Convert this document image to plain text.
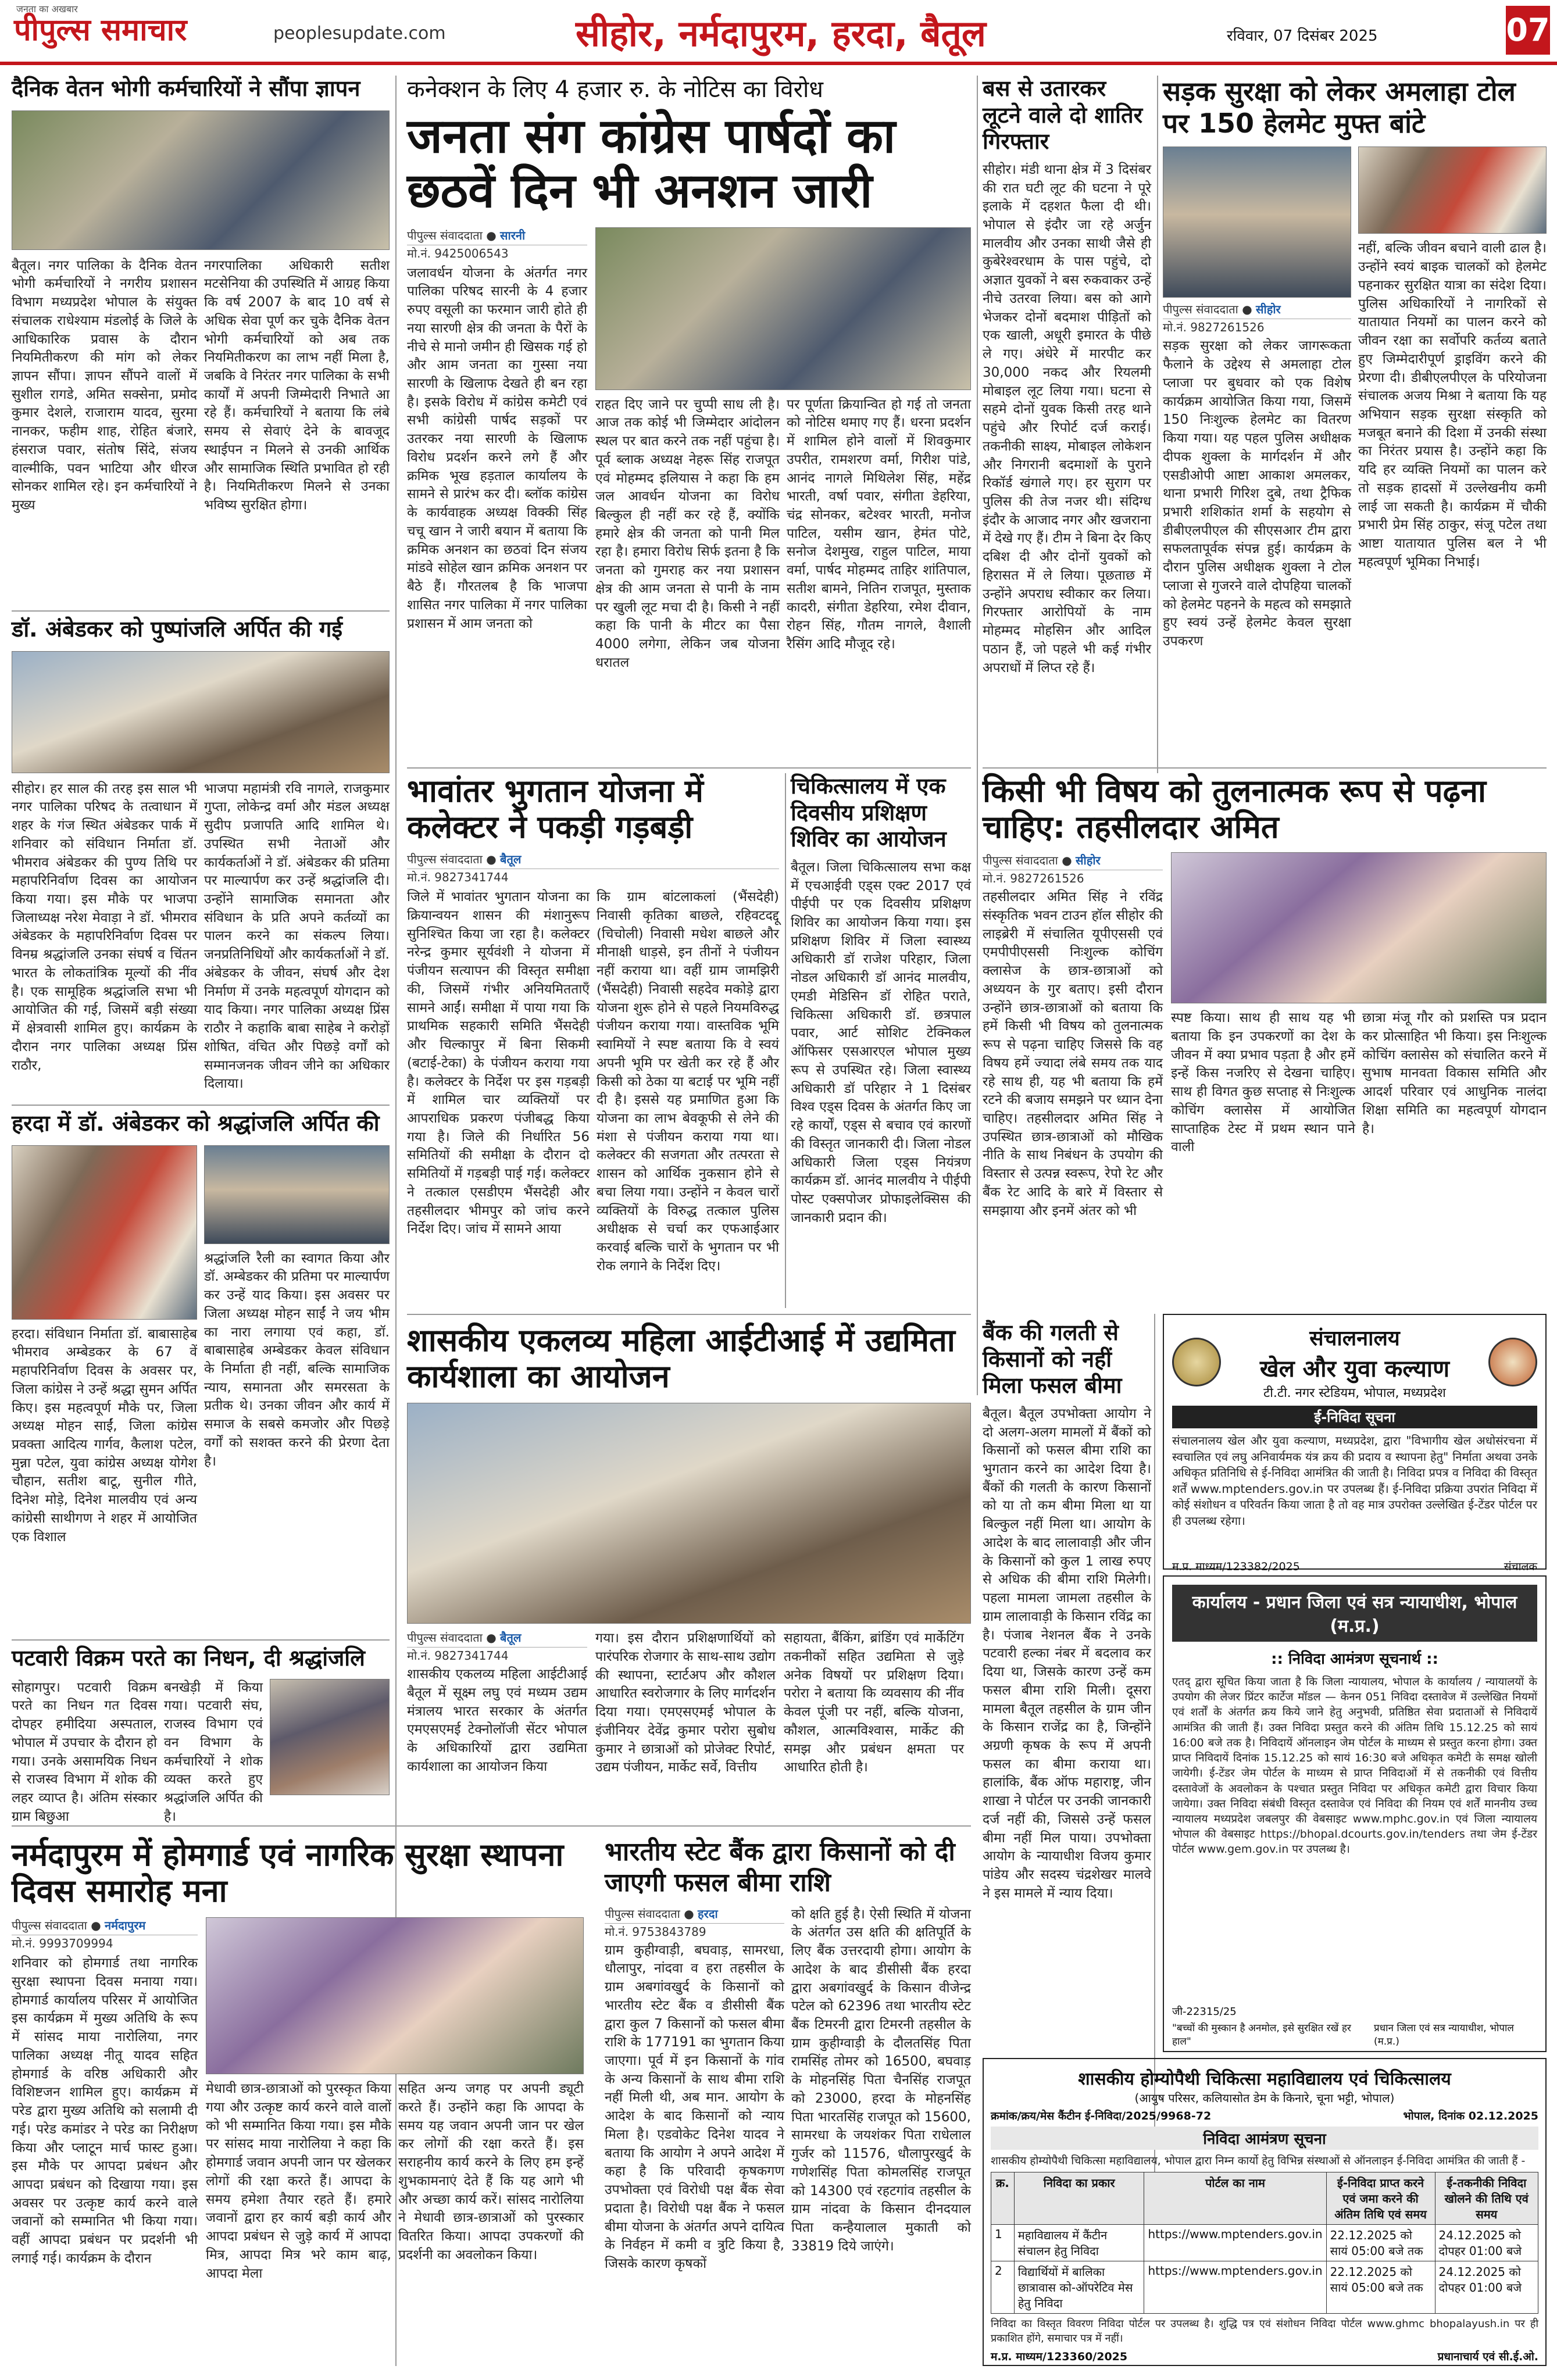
जनता का अखबार
पीपुल्स समाचार	peoplesupdate.com	सीहोर, नर्मदापुरम, हरदा, बैतूल	रविवार, 07 दिसंबर 2025	07
दैनिक वेतन भोगी कर्मचारियों ने सौंपा ज्ञापन
बैतूल। नगर पालिका के दैनिक वेतन भोगी कर्मचारियों ने नगरीय प्रशासन विभाग मध्यप्रदेश भोपाल के संयुक्त संचालक राधेश्याम मंडलोई के जिले के आधिकारिक प्रवास के दौरान नियमितीकरण की मांग को लेकर ज्ञापन सौंपा। ज्ञापन सौंपने वालों में सुशील रागडे, अमित सक्सेना, प्रमोद कुमार देशले, राजाराम यादव, सुरमा नानकर, फहीम शाह, रोहित बंजारे, हंसराज पवार, संतोष सिंदे, संजय वाल्मीकि, पवन भाटिया और धीरज सोनकर शामिल रहे। इन कर्मचारियों ने मुख्य
नगरपालिका अधिकारी सतीश मटसेनिया की उपस्थिति में आग्रह किया कि वर्ष 2007 के बाद 10 वर्ष से अधिक सेवा पूर्ण कर चुके दैनिक वेतन भोगी कर्मचारियों को अब तक नियमितीकरण का लाभ नहीं मिला है, जबकि वे निरंतर नगर पालिका के सभी कार्यों में अपनी जिम्मेदारी निभाते आ रहे हैं। कर्मचारियों ने बताया कि लंबे समय से सेवाएं देने के बावजूद स्थाईपन न मिलने से उनकी आर्थिक और सामाजिक स्थिति प्रभावित हो रही है। नियमितीकरण मिलने से उनका भविष्य सुरक्षित होगा।
डॉ. अंबेडकर को पुष्पांजलि अर्पित की गई
सीहोर। हर साल की तरह इस साल भी नगर पालिका परिषद के तत्वाधान में शहर के गंज स्थित अंबेडकर पार्क में शनिवार को संविधान निर्माता डॉ. भीमराव अंबेडकर की पुण्य तिथि पर महापरिनिर्वाण दिवस का आयोजन किया गया। इस मौके पर भाजपा जिलाध्यक्ष नरेश मेवाड़ा ने डॉ. भीमराव अंबेडकर के महापरिनिर्वाण दिवस पर विनम्र श्रद्धांजलि उनका संघर्ष व चिंतन भारत के लोकतांत्रिक मूल्यों की नींव है। एक सामूहिक श्रद्धांजलि सभा भी आयोजित की गई, जिसमें बड़ी संख्या में क्षेत्रवासी शामिल हुए। कार्यक्रम के दौरान नगर पालिका अध्यक्ष प्रिंस राठौर,
भाजपा महामंत्री रवि नागले, राजकुमार गुप्ता, लोकेन्द्र वर्मा और मंडल अध्यक्ष सुदीप प्रजापति आदि शामिल थे। उपस्थित सभी नेताओं और कार्यकर्ताओं ने डॉ. अंबेडकर की प्रतिमा पर माल्यार्पण कर उन्हें श्रद्धांजलि दी। उन्होंने सामाजिक समानता और संविधान के प्रति अपने कर्तव्यों का पालन करने का संकल्प लिया। जनप्रतिनिधियों और कार्यकर्ताओं ने डॉ. अंबेडकर के जीवन, संघर्ष और देश निर्माण में उनके महत्वपूर्ण योगदान को याद किया। नगर पालिका अध्यक्ष प्रिंस राठौर ने कहाकि बाबा साहेब ने करोड़ों शोषित, वंचित और पिछड़े वर्गों को सम्मानजनक जीवन जीने का अधिकार दिलाया।
हरदा में डॉ. अंबेडकर को श्रद्धांजलि अर्पित की
हरदा। संविधान निर्माता डॉ. बाबासाहेब भीमराव अम्बेडकर के 67 वें महापरिनिर्वाण दिवस के अवसर पर, जिला कांग्रेस ने उन्हें श्रद्धा सुमन अर्पित किए। इस महत्वपूर्ण मौके पर, जिला अध्यक्ष मोहन साईं, जिला कांग्रेस प्रवक्ता आदित्य गार्गव, कैलाश पटेल, मुन्ना पटेल, युवा कांग्रेस अध्यक्ष योगेश चौहान, सतीश बाटू, सुनील गीते, दिनेश मोड़े, दिनेश मालवीय एवं अन्य कांग्रेसी साथीगण ने शहर में आयोजित एक विशाल
श्रद्धांजलि रैली का स्वागत किया और डॉ. अम्बेडकर की प्रतिमा पर माल्यार्पण कर उन्हें याद किया। इस अवसर पर जिला अध्यक्ष मोहन साईं ने जय भीम का नारा लगाया एवं कहा, डॉ. बाबासाहेब अम्बेडकर केवल संविधान के निर्माता ही नहीं, बल्कि सामाजिक न्याय, समानता और समरसता के प्रतीक थे। उनका जीवन और कार्य में समाज के सबसे कमजोर और पिछड़े वर्गों को सशक्त करने की प्रेरणा देता है।
पटवारी विक्रम परते का निधन, दी श्रद्धांजलि
सोहागपुर। पटवारी विक्रम परते का निधन गत दिवस दोपहर हमीदिया अस्पताल, भोपाल में उपचार के दौरान हो गया। उनके असामयिक निधन से राजस्व विभाग में शोक की लहर व्याप्त है। अंतिम संस्कार ग्राम बिछुआ
बनखेड़ी में किया गया। पटवारी संघ, राजस्व विभाग एवं वन विभाग के कर्मचारियों ने शोक व्यक्त करते हुए श्रद्धांजलि अर्पित की है।
नर्मदापुरम में होमगार्ड एवं नागरिक सुरक्षा स्थापना दिवस समारोह मना
पीपुल्स संवाददाता ● नर्मदापुरम
मो.नं. 9993709994
शनिवार को होमगार्ड तथा नागरिक सुरक्षा स्थापना दिवस मनाया गया। होमगार्ड कार्यालय परिसर में आयोजित इस कार्यक्रम में मुख्य अतिथि के रूप में सांसद माया नारोलिया, नगर पालिका अध्यक्ष नीतू यादव सहित होमगार्ड के वरिष्ठ अधिकारी और विशिष्टजन शामिल हुए। कार्यक्रम में परेड द्वारा मुख्य अतिथि को सलामी दी गई। परेड कमांडर ने परेड का निरीक्षण किया और प्लाटून मार्च फास्ट हुआ। इस मौके पर आपदा प्रबंधन और आपदा प्रबंधन को दिखाया गया। इस अवसर पर उत्कृष्ट कार्य करने वाले जवानों को सम्मानित भी किया गया। वहीं आपदा प्रबंधन पर प्रदर्शनी भी लगाई गई। कार्यक्रम के दौरान
मेधावी छात्र-छात्राओं को पुरस्कृत किया गया और उत्कृष्ट कार्य करने वाले वालों को भी सम्मानित किया गया। इस मौके पर सांसद माया नारोलिया ने कहा कि होमगार्ड जवान अपनी जान पर खेलकर लोगों की रक्षा करते हैं। आपदा के समय हमेशा तैयार रहते हैं। हमारे जवानों द्वारा हर कार्य बड़ी कार्य और आपदा प्रबंधन से जुड़े कार्य में आपदा मित्र, आपदा मित्र भरे काम बाढ़, आपदा मेला
सहित अन्य जगह पर अपनी ड्यूटी करते हैं। उन्होंने कहा कि आपदा के समय यह जवान अपनी जान पर खेल कर लोगों की रक्षा करते हैं। इस सराहनीय कार्य करने के लिए हम इन्हें शुभकामनाएं देते हैं कि यह आगे भी और अच्छा कार्य करें। सांसद नारोलिया ने मेधावी छात्र-छात्राओं को पुरस्कार वितरित किया। आपदा उपकरणों की प्रदर्शनी का अवलोकन किया।
कनेक्शन के लिए 4 हजार रु. के नोटिस का विरोध
जनता संग कांग्रेस पार्षदों का छठवें दिन भी अनशन जारी
पीपुल्स संवाददाता ● सारनी
मो.नं. 9425006543
जलावर्धन योजना के अंतर्गत नगर पालिका परिषद सारनी के 4 हजार रुपए वसूली का फरमान जारी होते ही नया सारणी क्षेत्र की जनता के पैरों के नीचे से मानो जमीन ही खिसक गई हो और आम जनता का गुस्सा नया सारणी के खिलाफ देखते ही बन रहा है। इसके विरोध में कांग्रेस कमेटी एवं सभी कांग्रेसी पार्षद सड़कों पर उतरकर नया सारणी के खिलाफ विरोध प्रदर्शन करने लगे हैं और क्रमिक भूख हड़ताल कार्यालय के सामने से प्रारंभ कर दी। ब्लॉक कांग्रेस के कार्यवाहक अध्यक्ष विक्की सिंह चचू खान ने जारी बयान में बताया कि क्रमिक अनशन का छठवां दिन संजय मांडवे सोहेल खान क्रमिक अनशन पर बैठे हैं। गौरतलब है कि भाजपा शासित नगर पालिका में नगर पालिका प्रशासन में आम जनता को
राहत दिए जाने पर चुप्पी साध ली है। आज तक कोई भी जिम्मेदार आंदोलन स्थल पर बात करने तक नहीं पहुंचा है। पूर्व ब्लाक अध्यक्ष नेहरू सिंह राजपूत एवं मोहम्मद इलियास ने कहा कि हम जल आवर्धन योजना का विरोध बिल्कुल ही नहीं कर रहे हैं, क्योंकि हमारे क्षेत्र की जनता को पानी मिल रहा है। हमारा विरोध सिर्फ इतना है कि जनता को गुमराह कर नया प्रशासन क्षेत्र की आम जनता से पानी के नाम पर खुली लूट मचा दी है। किसी ने नहीं कहा कि पानी के मीटर का पैसा 4000 लगेगा, लेकिन जब योजना धरातल
पर पूर्णता क्रियान्वित हो गई तो जनता को नोटिस थमाए गए हैं। धरना प्रदर्शन में शामिल होने वालों में शिवकुमार उपरीत, रामशरण वर्मा, गिरीश पांडे, आनंद नागले मिथिलेश सिंह, महेंद्र भारती, वर्षा पवार, संगीता डेहरिया, चंद्र सोनकर, बटेश्वर भारती, मनोज पाटिल, यसीम खान, हेमंत पोटे, सनोज देशमुख, राहुल पाटिल, माया वर्मा, पार्षद मोहम्मद ताहिर शांतिपाल, सतीश बामने, नितिन राजपूत, मुस्ताक कादरी, संगीता डेहरिया, रमेश दीवान, रोहन सिंह, गौतम नागले, वैशाली रैसिंग आदि मौजूद रहे।
भावांतर भुगतान योजना में कलेक्टर ने पकड़ी गड़बड़ी
पीपुल्स संवाददाता ● बैतूल
मो.नं. 9827341744
जिले में भावांतर भुगतान योजना का क्रियान्वयन शासन की मंशानुरूप सुनिश्चित किया जा रहा है। कलेक्टर नरेन्द्र कुमार सूर्यवंशी ने योजना में पंजीयन सत्यापन की विस्तृत समीक्षा की, जिसमें गंभीर अनियमितताएँ सामने आईं। समीक्षा में पाया गया कि प्राथमिक सहकारी समिति भैंसदेही और चिल्कापुर में बिना सिकमी (बटाई-टेका) के पंजीयन कराया गया है। कलेक्टर के निर्देश पर इस गड़बड़ी में शामिल चार व्यक्तियों पर आपराधिक प्रकरण पंजीबद्ध किया गया है। जिले की निर्धारित 56 समितियों की समीक्षा के दौरान दो समितियों में गड़बड़ी पाई गई। कलेक्टर ने तत्काल एसडीएम भैंसदेही और तहसीलदार भीमपुर को जांच करने निर्देश दिए। जांच में सामने आया
कि ग्राम बांटलाकलां (भैंसदेही) निवासी कृतिका बाछले, रहिवटदद्दू (चिचोली) निवासी मधेश बाछले और मीनाक्षी धाड़से, इन तीनों ने पंजीयन नहीं कराया था। वहीं ग्राम जामझिरी (भैंसदेही) निवासी सहदेव मकोड़े द्वारा योजना शुरू होने से पहले नियमविरुद्ध पंजीयन कराया गया। वास्तविक भूमि स्वामियों ने स्पष्ट बताया कि वे स्वयं अपनी भूमि पर खेती कर रहे हैं और किसी को ठेका या बटाई पर भूमि नहीं दी है। इससे यह प्रमाणित हुआ कि योजना का लाभ बेवकूफी से लेने की मंशा से पंजीयन कराया गया था। कलेक्टर की सजगता और तत्परता से शासन को आर्थिक नुकसान होने से बचा लिया गया। उन्होंने न केवल चारों व्यक्तियों के विरुद्ध तत्काल पुलिस अधीक्षक से चर्चा कर एफआईआर करवाई बल्कि चारों के भुगतान पर भी रोक लगाने के निर्देश दिए।
चिकित्सालय में एक दिवसीय प्रशिक्षण शिविर का आयोजन
बैतूल। जिला चिकित्सालय सभा कक्ष में एचआईवी एड्स एक्ट 2017 एवं पीईपी पर एक दिवसीय प्रशिक्षण शिविर का आयोजन किया गया। इस प्रशिक्षण शिविर में जिला स्वास्थ्य अधिकारी डॉ राजेश परिहार, जिला नोडल अधिकारी डॉ आनंद मालवीय, एमडी मेडिसिन डॉ रोहित पराते, चिकित्सा अधिकारी डॉ. छत्रपाल पवार, आर्ट सोशिट टेक्निकल ऑफिसर एसआरएल भोपाल मुख्य रूप से उपस्थित रहे। जिला स्वास्थ्य अधिकारी डॉ परिहार ने 1 दिसंबर विश्व एड्स दिवस के अंतर्गत किए जा रहे कार्यों, एड्स से बचाव एवं कारणों की विस्तृत जानकारी दी। जिला नोडल अधिकारी जिला एड्स नियंत्रण कार्यक्रम डॉ. आनंद मालवीय ने पीईपी पोस्ट एक्सपोजर प्रोफाइलेक्सिस की जानकारी प्रदान की।
शासकीय एकलव्य महिला आईटीआई में उद्यमिता कार्यशाला का आयोजन
पीपुल्स संवाददाता ● बैतूल
मो.नं. 9827341744
शासकीय एकलव्य महिला आईटीआई बैतूल में सूक्ष्म लघु एवं मध्यम उद्यम मंत्रालय भारत सरकार के अंतर्गत एमएसएमई टेक्नोलॉजी सेंटर भोपाल के अधिकारियों द्वारा उद्यमिता कार्यशाला का आयोजन किया
गया। इस दौरान प्रशिक्षणार्थियों को पारंपरिक रोजगार के साथ-साथ उद्योग की स्थापना, स्टार्टअप और कौशल आधारित स्वरोजगार के लिए मार्गदर्शन दिया गया। एमएसएमई भोपाल के इंजीनियर देवेंद्र कुमार परोरा सुबोध कुमार ने छात्राओं को प्रोजेक्ट रिपोर्ट, उद्यम पंजीयन, मार्केट सर्वे, वित्तीय
सहायता, बैंकिंग, ब्रांडिंग एवं मार्केटिंग तकनीकों सहित उद्यमिता से जुड़े अनेक विषयों पर प्रशिक्षण दिया। परोरा ने बताया कि व्यवसाय की नींव केवल पूंजी पर नहीं, बल्कि योजना, कौशल, आत्मविश्वास, मार्केट की समझ और प्रबंधन क्षमता पर आधारित होती है।
भारतीय स्टेट बैंक द्वारा किसानों को दी जाएगी फसल बीमा राशि
पीपुल्स संवाददाता ● हरदा
मो.नं. 9753843789
ग्राम कुहीग्वाड़ी, बघवाड़, सामरधा, धौलापुर, नांदवा व हरा तहसील के ग्राम अबगांवखुर्द के किसानों को भारतीय स्टेट बैंक व डीसीसी बैंक द्वारा कुल 7 किसानों को फसल बीमा राशि के 177191 का भुगतान किया जाएगा। पूर्व में इन किसानों के गांव के अन्य किसानों के साथ बीमा राशि नहीं मिली थी, अब मान. आयोग के आदेश के बाद किसानों को न्याय मिला है। एडवोकेट दिनेश यादव ने बताया कि आयोग ने अपने आदेश में कहा है कि परिवादी कृषकगण उपभोक्ता एवं विरोधी पक्ष बैंक सेवा प्रदाता है। विरोधी पक्ष बैंक ने फसल बीमा योजना के अंतर्गत अपने दायित्व के निर्वहन में कमी व त्रुटि किया है, जिसके कारण कृषकों
को क्षति हुई है। ऐसी स्थिति में योजना के अंतर्गत उस क्षति की क्षतिपूर्ति के लिए बैंक उत्तरदायी होगा। आयोग के आदेश के बाद डीसीसी बैंक हरदा द्वारा अबगांवखुर्द के किसान वीजेन्द्र पटेल को 62396 तथा भारतीय स्टेट बैंक टिमरनी द्वारा टिमरनी तहसील के ग्राम कुहीग्वाड़ी के दौलतसिंह पिता रामसिंह तोमर को 16500, बघवाड़ के मोहनसिंह पिता चैनसिंह राजपूत को 23000, हरदा के मोहनसिंह पिता भारतसिंह राजपूत को 15600, सामरधा के जयशंकर पिता राधेलाल गुर्जर को 11576, धौलापुरखुर्द के गणेशसिंह पिता कोमलसिंह राजपूत को 14300 एवं रहटगांव तहसील के ग्राम नांदवा के किसान दीनदयाल पिता कन्हैयालाल मुकाती को 33819 दिये जाएंगे।
बस से उतारकर लूटने वाले दो शातिर गिरफ्तार
सीहोर। मंडी थाना क्षेत्र में 3 दिसंबर की रात घटी लूट की घटना ने पूरे इलाके में दहशत फैला दी थी। भोपाल से इंदौर जा रहे अर्जुन मालवीय और उनका साथी जैसे ही कुबेरेश्वरधाम के पास पहुंचे, दो अज्ञात युवकों ने बस रुकवाकर उन्हें नीचे उतरवा लिया। बस को आगे भेजकर दोनों बदमाश पीड़ितों को एक खाली, अधूरी इमारत के पीछे ले गए। अंधेरे में मारपीट कर 30,000 नकद और रियलमी मोबाइल लूट लिया गया। घटना से सहमे दोनों युवक किसी तरह थाने पहुंचे और रिपोर्ट दर्ज कराई। तकनीकी साक्ष्य, मोबाइल लोकेशन और निगरानी बदमाशों के पुराने रिकॉर्ड खंगाले गए। हर सुराग पर पुलिस की तेज नजर थी। संदिग्ध इंदौर के आजाद नगर और खजराना में देखे गए हैं। टीम ने बिना देर किए दबिश दी और दोनों युवकों को हिरासत में ले लिया। पूछताछ में उन्होंने अपराध स्वीकार कर लिया। गिरफ्तार आरोपियों के नाम मोहम्मद मोहसिन और आदिल पठान हैं, जो पहले भी कई गंभीर अपराधों में लिप्त रहे हैं।
सड़क सुरक्षा को लेकर अमलाहा टोल पर 150 हेलमेट मुफ्त बांटे
पीपुल्स संवाददाता ● सीहोर
मो.नं. 9827261526
सड़क सुरक्षा को लेकर जागरूकता फैलाने के उद्देश्य से अमलाहा टोल प्लाजा पर बुधवार को एक विशेष कार्यक्रम आयोजित किया गया, जिसमें 150 निःशुल्क हेलमेट का वितरण किया गया। यह पहल पुलिस अधीक्षक दीपक शुक्ला के मार्गदर्शन में और एसडीओपी आष्टा आकाश अमलकर, थाना प्रभारी गिरिश दुबे, तथा ट्रैफिक प्रभारी शशिकांत शर्मा के सहयोग से डीबीएलपीएल की सीएसआर टीम द्वारा सफलतापूर्वक संपन्न हुई। कार्यक्रम के दौरान पुलिस अधीक्षक शुक्ला ने टोल प्लाजा से गुजरने वाले दोपहिया चालकों को हेलमेट पहनने के महत्व को समझाते हुए स्वयं उन्हें हेलमेट केवल सुरक्षा उपकरण
नहीं, बल्कि जीवन बचाने वाली ढाल है। उन्होंने स्वयं बाइक चालकों को हेलमेट पहनाकर सुरक्षित यात्रा का संदेश दिया। पुलिस अधिकारियों ने नागरिकों से यातायात नियमों का पालन करने को जीवन रक्षा का सर्वोपरि कर्तव्य बताते हुए जिम्मेदारीपूर्ण ड्राइविंग करने की प्रेरणा दी। डीबीएलपीएल के परियोजना संचालक अजय मिश्रा ने बताया कि यह अभियान सड़क सुरक्षा संस्कृति को मजबूत बनाने की दिशा में उनकी संस्था का निरंतर प्रयास है। उन्होंने कहा कि यदि हर व्यक्ति नियमों का पालन करे तो सड़क हादसों में उल्लेखनीय कमी लाई जा सकती है। कार्यक्रम में चौकी प्रभारी प्रेम सिंह ठाकुर, संजू पटेल तथा आष्टा यातायात पुलिस बल ने भी महत्वपूर्ण भूमिका निभाई।
किसी भी विषय को तुलनात्मक रूप से पढ़ना चाहिए: तहसीलदार अमित
पीपुल्स संवाददाता ● सीहोर
मो.नं. 9827261526
तहसीलदार अमित सिंह ने रविंद्र संस्कृतिक भवन टाउन हॉल सीहोर की लाइब्रेरी में संचालित यूपीएससी एवं एमपीपीएससी निःशुल्क कोचिंग क्लासेज के छात्र-छात्राओं को अध्ययन के गुर बताए। इसी दौरान उन्होंने छात्र-छात्राओं को बताया कि हमें किसी भी विषय को तुलनात्मक रूप से पढ़ना चाहिए जिससे कि वह विषय हमें ज्यादा लंबे समय तक याद रहे साथ ही, यह भी बताया कि हमें रटने की बजाय समझने पर ध्यान देना चाहिए। तहसीलदार अमित सिंह ने उपस्थित छात्र-छात्राओं को मौखिक नीति के साथ निबंधन के उपयोग की विस्तार से उत्पन्न स्वरूप, रेपो रेट और बैंक रेट आदि के बारे में विस्तार से समझाया और इनमें अंतर को भी
स्पष्ट किया। साथ ही साथ यह भी बताया कि इन उपकरणों का देश के जीवन में क्या प्रभाव पड़ता है और हमें इन्हें किस नजरिए से देखना चाहिए। साथ ही विगत कुछ सप्ताह से निःशुल्क कोचिंग क्लासेस में आयोजित साप्ताहिक टेस्ट में प्रथम स्थान पाने वाली
छात्रा मंजू गौर को प्रशस्ति पत्र प्रदान कर प्रोत्साहित भी किया। इस निःशुल्क कोचिंग क्लासेस को संचालित करने में सुभाष मानवता विकास समिति और आदर्श परिवार एवं आधुनिक नालंदा शिक्षा समिति का महत्वपूर्ण योगदान है।
बैंक की गलती से किसानों को नहीं मिला फसल बीमा
बैतूल। बैतूल उपभोक्ता आयोग ने दो अलग-अलग मामलों में बैंकों को किसानों को फसल बीमा राशि का भुगतान करने का आदेश दिया है। बैंकों की गलती के कारण किसानों को या तो कम बीमा मिला था या बिल्कुल नहीं मिला था। आयोग के आदेश के बाद लालावाड़ी और जीन के किसानों को कुल 1 लाख रुपए से अधिक की बीमा राशि मिलेगी। पहला मामला जामला तहसील के ग्राम लालावाड़ी के किसान रविंद्र का है। पंजाब नेशनल बैंक ने उनके पटवारी हल्का नंबर में बदलाव कर दिया था, जिसके कारण उन्हें कम फसल बीमा राशि मिली। दूसरा मामला बैतूल तहसील के ग्राम जीन के किसान राजेंद्र का है, जिन्होंने अग्रणी कृषक के रूप में अपनी फसल का बीमा कराया था। हालांकि, बैंक ऑफ महाराष्ट्र, जीन शाखा ने पोर्टल पर उनकी जानकारी दर्ज नहीं की, जिससे उन्हें फसल बीमा नहीं मिल पाया। उपभोक्ता आयोग के न्यायाधीश विजय कुमार पांडेय और सदस्य चंद्रशेखर मालवे ने इस मामले में न्याय दिया।
संचालनालय
खेल और युवा कल्याण
टी.टी. नगर स्टेडियम, भोपाल, मध्यप्रदेश
ई-निविदा सूचना
संचालनालय खेल और युवा कल्याण, मध्यप्रदेश, द्वारा "विभागीय खेल अधोसंरचना में स्वचालित एवं लघु अनिवार्यमक यंत्र क्रय की प्रदाय व स्थापना हेतु" निर्माता अथवा उनके अधिकृत प्रतिनिधि से ई-निविदा आमंत्रित की जाती है। निविदा प्रपत्र व निविदा की विस्तृत शर्तें www.mptenders.gov.in पर उपलब्ध हैं। ई-निविदा प्रक्रिया उपरांत निविदा में कोई संशोधन व परिवर्तन किया जाता है तो वह मात्र उपरोक्त उल्लेखित ई-टेंडर पोर्टल पर ही उपलब्ध रहेगा।
म.प्र. माध्यम/123382/2025	संचालक
कार्यालय - प्रधान जिला एवं सत्र न्यायाधीश, भोपाल (म.प्र.)
:: निविदा आमंत्रण सूचनार्थ ::
एतद् द्वारा सूचित किया जाता है कि जिला न्यायालय, भोपाल के कार्यालय / न्यायालयों के उपयोग की लेजर प्रिंटर कार्टेज मॉडल — केनन 051 निविदा दस्तावेज में उल्लेखित नियमों एवं शर्तों के अंतर्गत क्रय किये जाने हेतु अनुभवी, प्रतिष्ठित सेवा प्रदाताओं से निविदायें आमंत्रित की जाती हैं। उक्त निविदा प्रस्तुत करने की अंतिम तिथि 15.12.25 को सायं 16:00 बजे तक है। निविदायें ऑनलाइन जेम पोर्टल के माध्यम से प्रस्तुत करना होगा। उक्त प्राप्त निविदायें दिनांक 15.12.25 को सायं 16:30 बजे अधिकृत कमेटी के समक्ष खोली जायेगी। ई-टेंडर जेम पोर्टल के माध्यम से प्राप्त निविदाओं में से तकनीकी एवं वित्तीय दस्तावेजों के अवलोकन के पश्चात प्रस्तुत निविदा पर अधिकृत कमेटी द्वारा विचार किया जायेगा। उक्त निविदा संबंधी विस्तृत दस्तावेज एवं निविदा की नियम एवं शर्तें माननीय उच्च न्यायालय मध्यप्रदेश जबलपुर की वेबसाइट www.mphc.gov.in एवं जिला न्यायालय भोपाल की वेबसाइट https://bhopal.dcourts.gov.in/tenders तथा जेम ई-टेंडर पोर्टल www.gem.gov.in पर उपलब्ध है।
जी-22315/25
"बच्चों की मुस्कान है अनमोल, इसे सुरक्षित रखें हर हाल"
प्रधान जिला एवं सत्र न्यायाधीश, भोपाल (म.प्र.)
शासकीय होम्योपैथी चिकित्सा महाविद्यालय एवं चिकित्सालय
(आयुष परिसर, कलियासोत डेम के किनारे, चूना भट्टी, भोपाल)
क्रमांक/क्रय/मेस कैंटीन ई-निविदा/2025/9968-72	भोपाल, दिनांक 02.12.2025
निविदा आमंत्रण सूचना
शासकीय होम्योपैथी चिकित्सा महाविद्यालय, भोपाल द्वारा निम्न कार्यो हेतु विभिन्न संस्थाओं से ऑनलाइन ई-निविदा आमंत्रित की जाती हैं -
क्र.	निविदा का प्रकार	पोर्टल का नाम	ई-निविदा प्राप्त करने एवं जमा करने की अंतिम तिथि एवं समय	ई-तकनीकी निविदा खोलने की तिथि एवं समय
1	महाविद्यालय में कैंटीन संचालन हेतु निविदा	https://www.mptenders.gov.in	22.12.2025 को सायं 05:00 बजे तक	24.12.2025 को दोपहर 01:00 बजे
2	विद्यार्थियों में बालिका छात्रावास को-ऑपरेटिव मेस हेतु निविदा	https://www.mptenders.gov.in	22.12.2025 को सायं 05:00 बजे तक	24.12.2025 को दोपहर 01:00 बजे
निविदा का विस्तृत विवरण निविदा पोर्टल पर उपलब्ध है। शुद्धि पत्र एवं संशोधन निविदा पोर्टल www.ghmc bhopalayush.in पर ही प्रकाशित होंगे, समाचार पत्र में नहीं।
म.प्र. माध्यम/123360/2025	प्रधानाचार्य एवं सी.ई.ओ.
